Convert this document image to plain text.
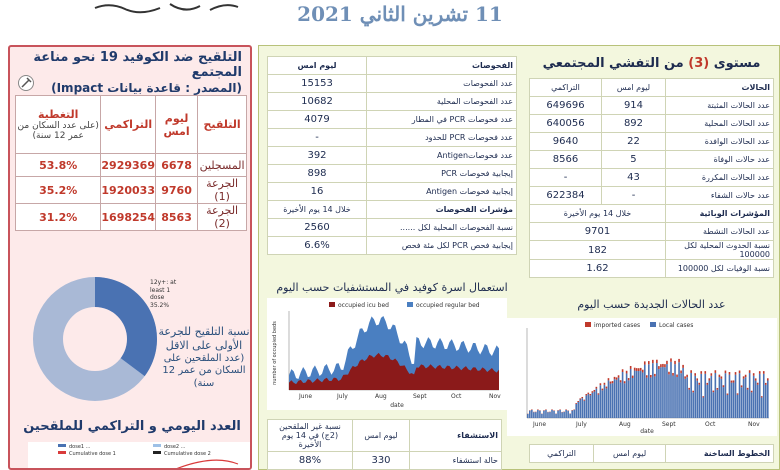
11 تشرين الثاني 2021
التلقيح ضد الكوفيد 19 نحو مناعة المجتمع
(المصدر : قاعدة بيانات Impact)
التلقيح	ليوم امس	التراكمي	التغطية
(على عدد السكان من عمر 12 سنة)

المسجلين	6678	2929369	53.8%
الجرعة (1)	9760	1920033	35.2%
الجرعة (2)	8563	1698254	31.2%
12y+: at least 1 dose 35.2%
نسبة التلقيح للجرعة الأولى على الاقل
(عدد الملقحين على السكان من عمر 12 سنة)
العدد اليومي و التراكمي للملقحين
dose1 ...	dose2 ...
Cumulative dose 1	Cumulative dose 2
الفحوصات	ليوم امس
عدد الفحوصات	15153
عدد الفحوصات المحلية	10682
عدد فحوصات PCR في المطار	4079
عدد فحوصات PCR للحدود	-
عدد فحوصاتAntigen	392
إيجابية فحوصات PCR	898
إيجابية فحوصات Antigen	16
مؤشرات الفحوصات	خلال 14 يوم الأخيرة
نسبة الفحوصات المحلية لكل ......	2560
إيجابية فحص PCR لكل مئة فحص	6.6%
مستوى (3) من التفشي المجتمعي
الحالات	ليوم امس	التراكمي
عدد الحالات المثبتة	914	649696
عدد الحالات المحلية	892	640056
عدد الحالات الوافدة	22	9640
عدد حالات الوفاة	5	8566
عدد الحالات المكررة	43	-
عدد حالات الشفاء	-	622384
المؤشرات الوبائية	خلال 14 يوم الأخيرة	
عدد الحالات النشطة	9701	
نسبة الحدوث المحلية لكل 100000	182	
نسبة الوفيات لكل 100000	1.62	
استعمال اسرة كوفيد في المستشفيات حسب اليوم
occupied icu bed	occupied regular bed
June	July	Aug	Sept	Oct	Nov
date
number of occupied beds
عدد الحالات الجديدة حسب اليوم
imported cases	Local cases
June	July	Aug	Sept	Oct	Nov
date
الاستشفاء	ليوم امس	نسبة غير الملقحين (2ج) في 14 يوم الأخيرة
حالة استشفاء	330	88%
الخطوط الساخنة	ليوم امس	التراكمي
